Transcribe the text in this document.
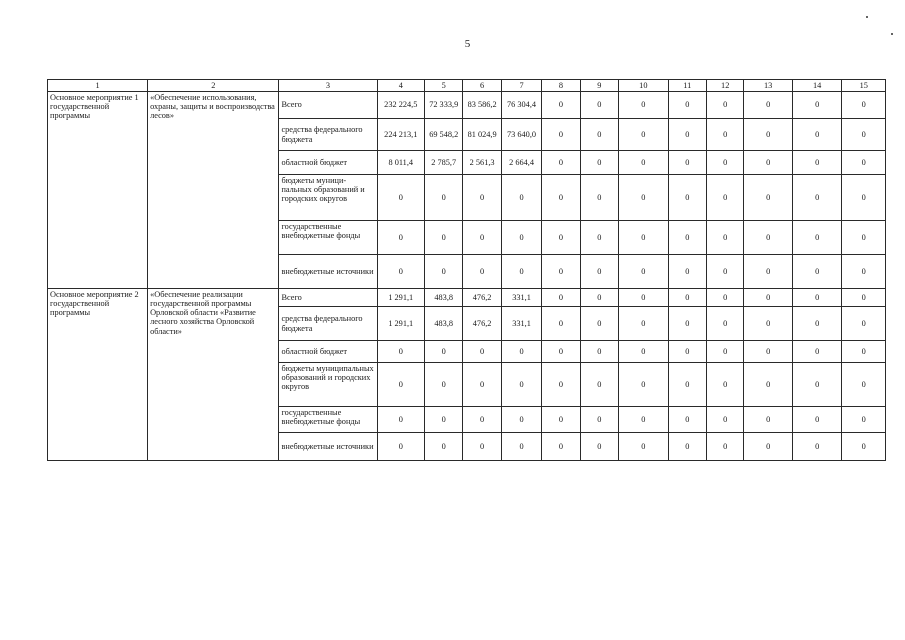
5
1	2	3	4	5	6	7	8	9	10	11	12	13	14	15
Основное мероприятие 1 государственной программы	«Обеспечение использования, охраны, защиты и воспроизводства лесов»	Всего	232 224,5	72 333,9	83 586,2	76 304,4	0	0	0	0	0	0	0	0
		средства федерального бюджета	224 213,1	69 548,2	81 024,9	73 640,0	0	0	0	0	0	0	0	0
		областной бюджет	8 011,4	2 785,7	2 561,3	2 664,4	0	0	0	0	0	0	0	0
		бюджеты муници-пальных образований и городских округов	0	0	0	0	0	0	0	0	0	0	0	0
		государственные внебюджетные фонды	0	0	0	0	0	0	0	0	0	0	0	0
		внебюджетные источники	0	0	0	0	0	0	0	0	0	0	0	0
Основное мероприятие 2 государственной программы	«Обеспечение реализации государственной программы Орловской области «Развитие лесного хозяйства Орловской области»	Всего	1 291,1	483,8	476,2	331,1	0	0	0	0	0	0	0	0
		средства федерального бюджета	1 291,1	483,8	476,2	331,1	0	0	0	0	0	0	0	0
		областной бюджет	0	0	0	0	0	0	0	0	0	0	0	0
		бюджеты муниципальных образований и городских округов	0	0	0	0	0	0	0	0	0	0	0	0
		государственные внебюджетные фонды	0	0	0	0	0	0	0	0	0	0	0	0
		внебюджетные источники	0	0	0	0	0	0	0	0	0	0	0	0
